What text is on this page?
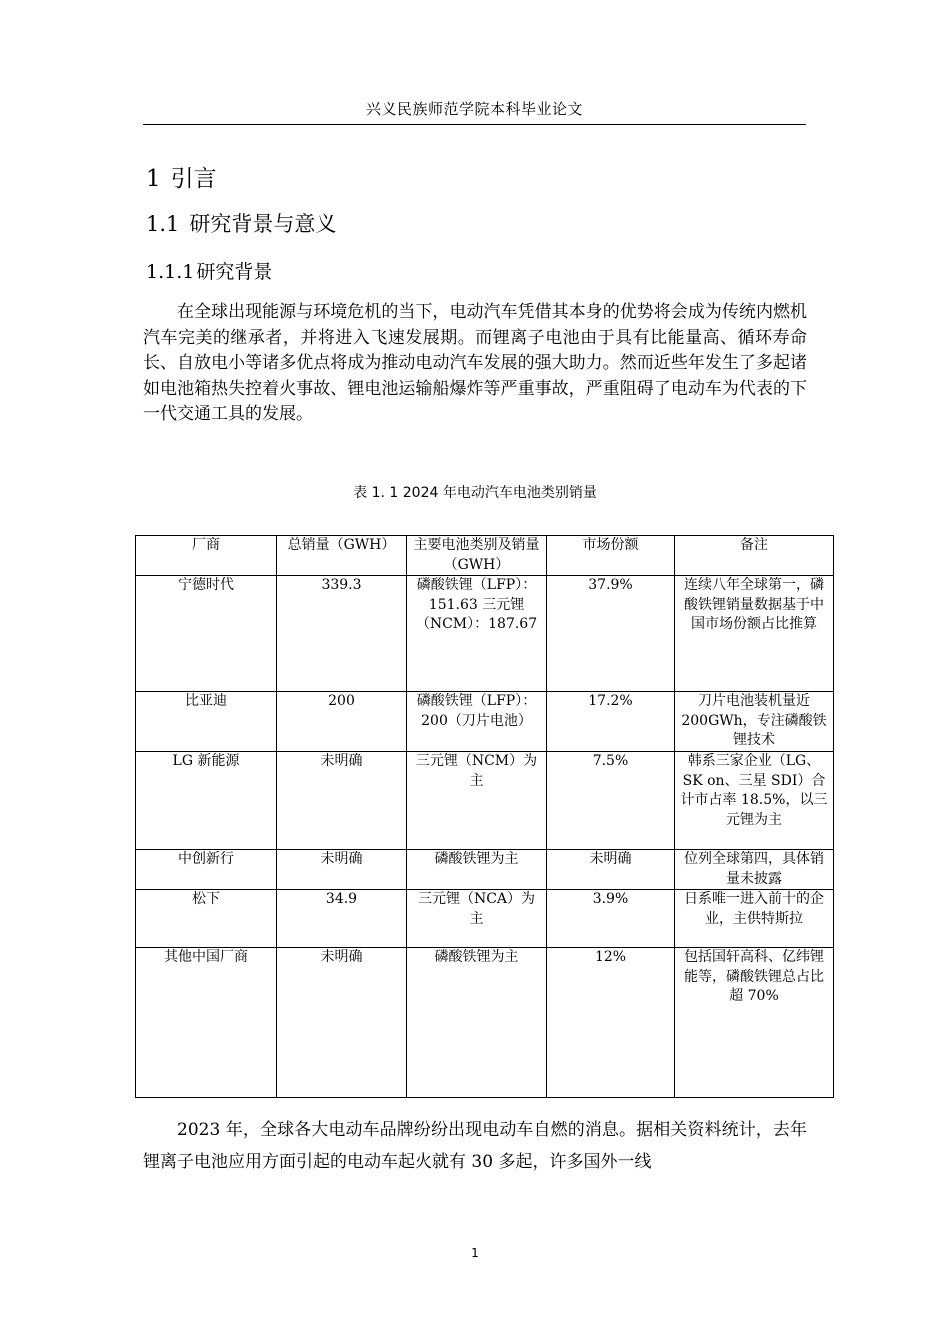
兴义民族师范学院本科毕业论文
1 引言
1.1 研究背景与意义
1.1.1 研究背景
在全球出现能源与环境危机的当下，电动汽车凭借其本身的优势将会成为传统内燃机汽车完美的继承者，并将进入飞速发展期。而锂离子电池由于具有比能量高、循环寿命长、自放电小等诸多优点将成为推动电动汽车发展的强大助力。然而近些年发生了多起诸如电池箱热失控着火事故、锂电池运输船爆炸等严重事故，严重阻碍了电动车为代表的下一代交通工具的发展。
表 1. 1 2024 年电动汽车电池类别销量
厂商	总销量（GWH）	主要电池类别及销量（GWH）	市场份额	备注
宁德时代	339.3	磷酸铁锂（LFP）：151.63 三元锂（NCM）：187.67	37.9%	连续八年全球第一，磷酸铁锂销量数据基于中国市场份额占比推算
比亚迪	200	磷酸铁锂（LFP）：200（刀片电池）	17.2%	刀片电池装机量近200GWh，专注磷酸铁锂技术
LG 新能源	未明确	三元锂（NCM）为主	7.5%	韩系三家企业（LG、SK on、三星 SDI）合计市占率 18.5%，以三元锂为主
中创新行	未明确	磷酸铁锂为主	未明确	位列全球第四，具体销量未披露
松下	34.9	三元锂（NCA）为主	3.9%	日系唯一进入前十的企业，主供特斯拉
其他中国厂商	未明确	磷酸铁锂为主	12%	包括国轩高科、亿纬锂能等，磷酸铁锂总占比超 70%
2023 年，全球各大电动车品牌纷纷出现电动车自燃的消息。据相关资料统计，去年锂离子电池应用方面引起的电动车起火就有 30 多起，许多国外一线
1
